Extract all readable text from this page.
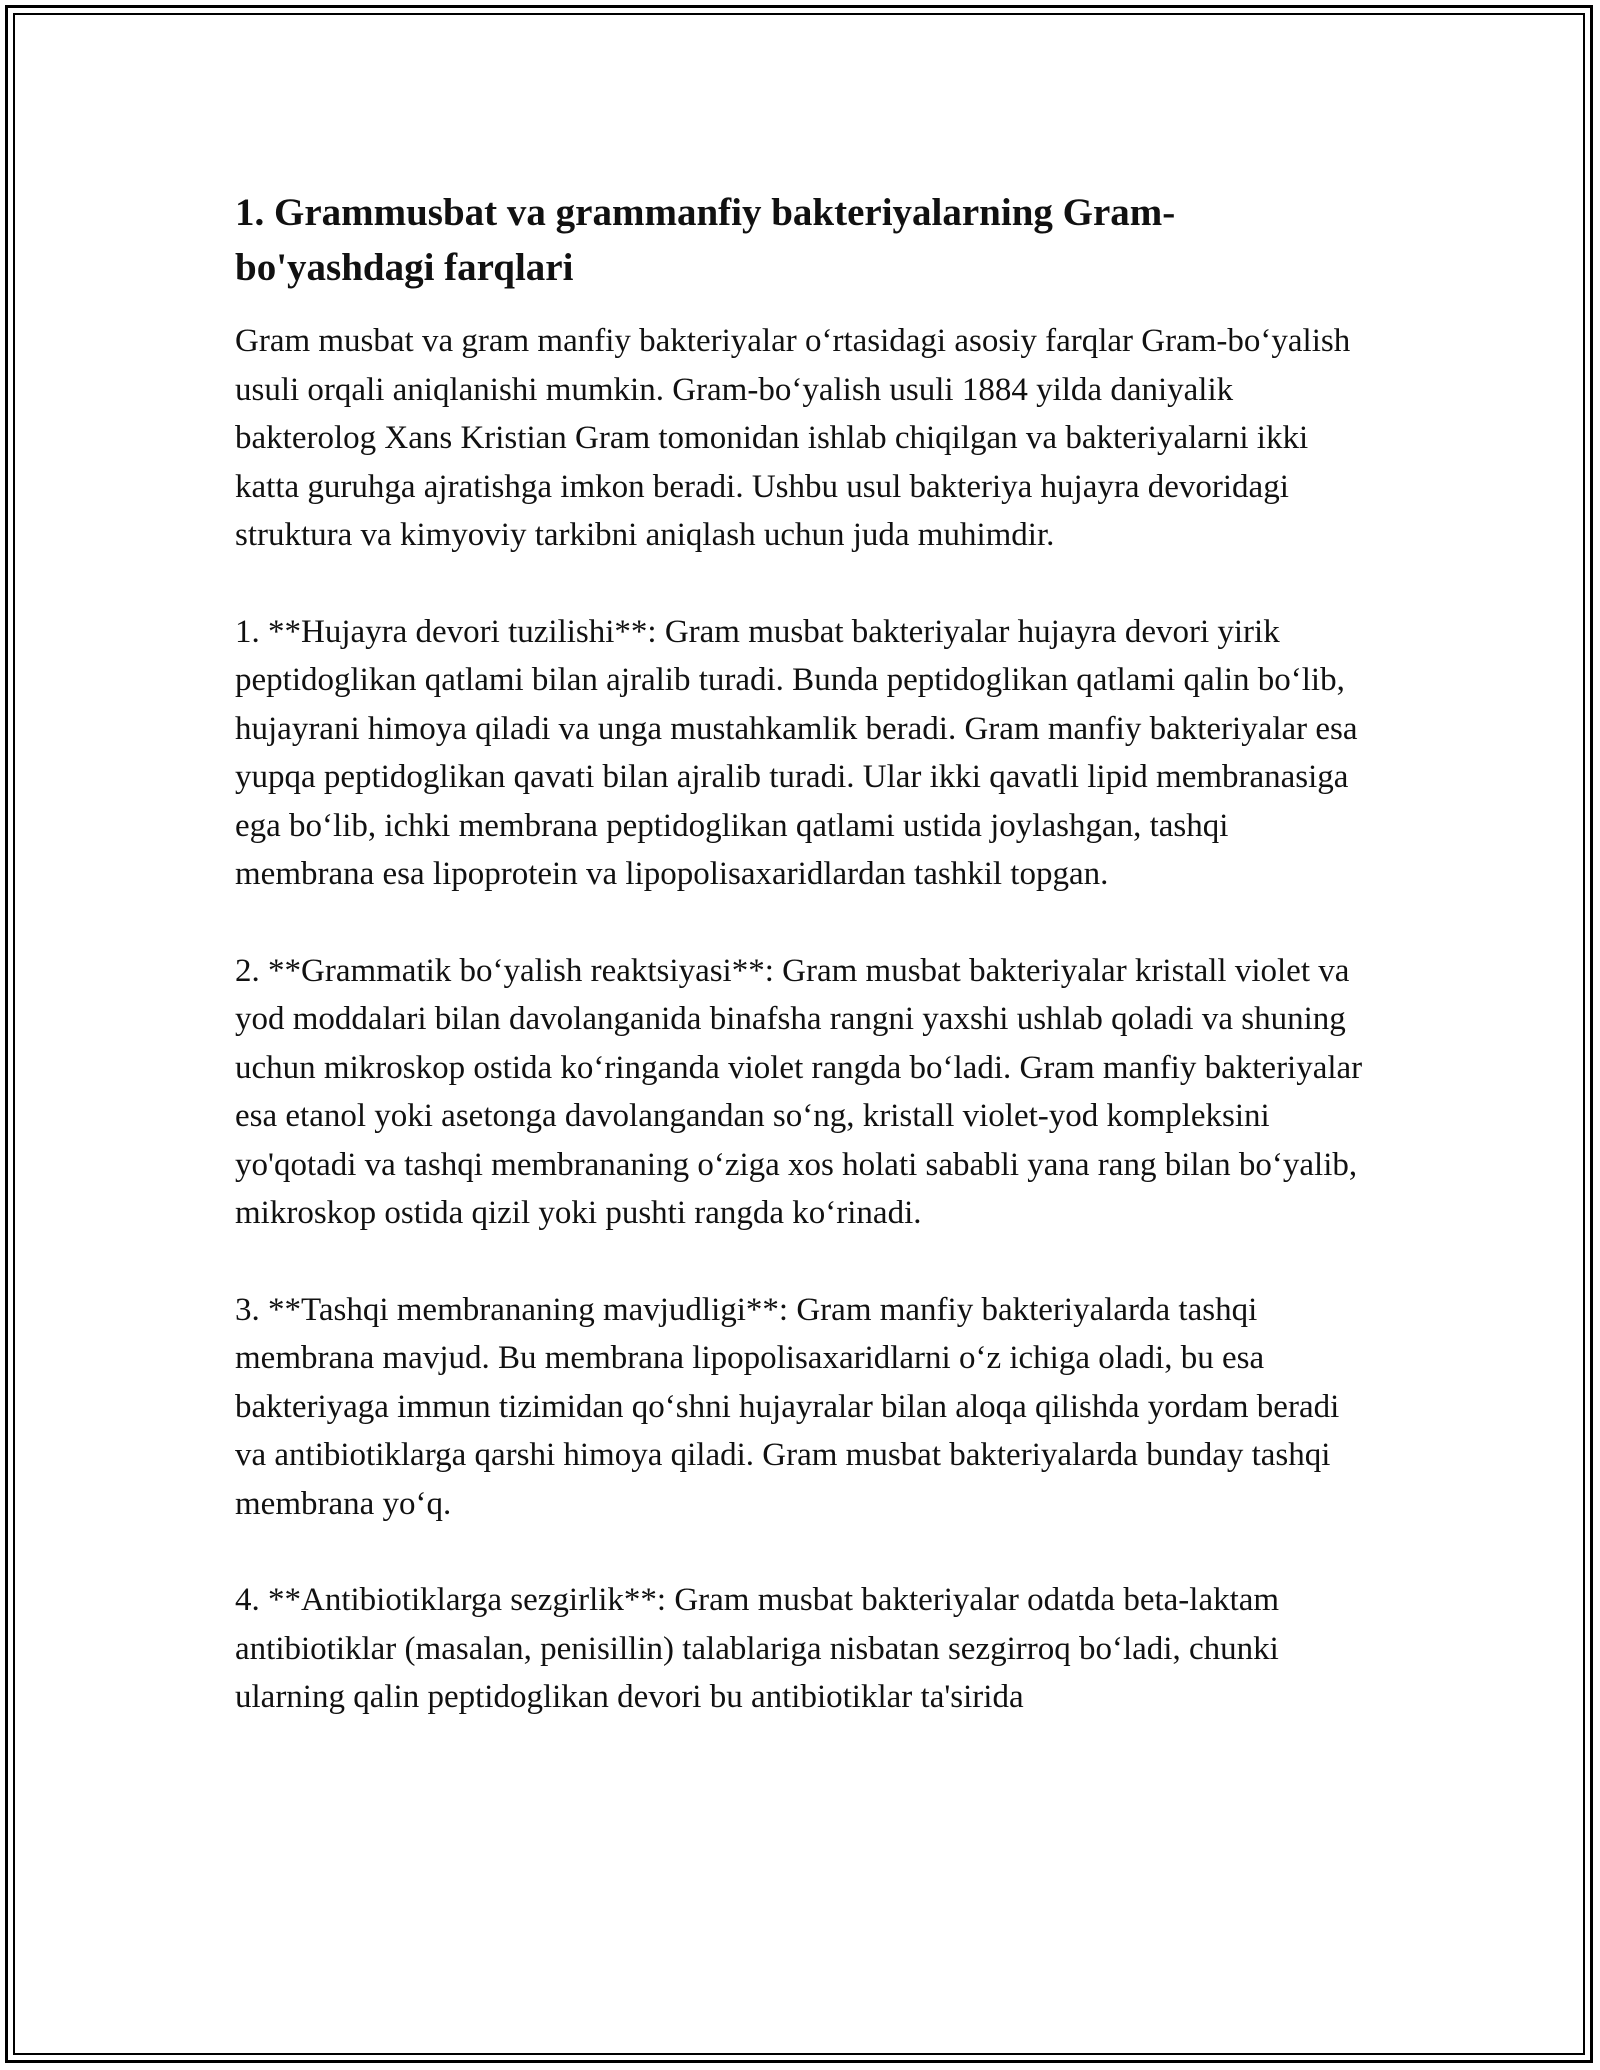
1. Grammusbat va grammanfiy bakteriyalarning Gram-bo'yashdagi farqlari

Gram musbat va gram manfiy bakteriyalar o‘rtasidagi asosiy farqlar Gram-bo‘yalish usuli orqali aniqlanishi mumkin. Gram-bo‘yalish usuli 1884 yilda daniyalik bakterolog Xans Kristian Gram tomonidan ishlab chiqilgan va bakteriyalarni ikki katta guruhga ajratishga imkon beradi. Ushbu usul bakteriya hujayra devoridagi struktura va kimyoviy tarkibni aniqlash uchun juda muhimdir.

1. **Hujayra devori tuzilishi**: Gram musbat bakteriyalar hujayra devori yirik peptidoglikan qatlami bilan ajralib turadi. Bunda peptidoglikan qatlami qalin bo‘lib, hujayrani himoya qiladi va unga mustahkamlik beradi. Gram manfiy bakteriyalar esa yupqa peptidoglikan qavati bilan ajralib turadi. Ular ikki qavatli lipid membranasiga ega bo‘lib, ichki membrana peptidoglikan qatlami ustida joylashgan, tashqi membrana esa lipoprotein va lipopolisaxaridlardan tashkil topgan.

2. **Grammatik bo‘yalish reaktsiyasi**: Gram musbat bakteriyalar kristall violet va yod moddalari bilan davolanganida binafsha rangni yaxshi ushlab qoladi va shuning uchun mikroskop ostida ko‘ringanda violet rangda bo‘ladi. Gram manfiy bakteriyalar esa etanol yoki asetonga davolangandan so‘ng, kristall violet-yod kompleksini yo'qotadi va tashqi membrananing o‘ziga xos holati sababli yana rang bilan bo‘yalib, mikroskop ostida qizil yoki pushti rangda ko‘rinadi.

3. **Tashqi membrananing mavjudligi**: Gram manfiy bakteriyalarda tashqi membrana mavjud. Bu membrana lipopolisaxaridlarni o‘z ichiga oladi, bu esa bakteriyaga immun tizimidan qo‘shni hujayralar bilan aloqa qilishda yordam beradi va antibiotiklarga qarshi himoya qiladi. Gram musbat bakteriyalarda bunday tashqi membrana yo‘q.

4. **Antibiotiklarga sezgirlik**: Gram musbat bakteriyalar odatda beta-laktam antibiotiklar (masalan, penisillin) talablariga nisbatan sezgirroq bo‘ladi, chunki ularning qalin peptidoglikan devori bu antibiotiklar ta'sirida
